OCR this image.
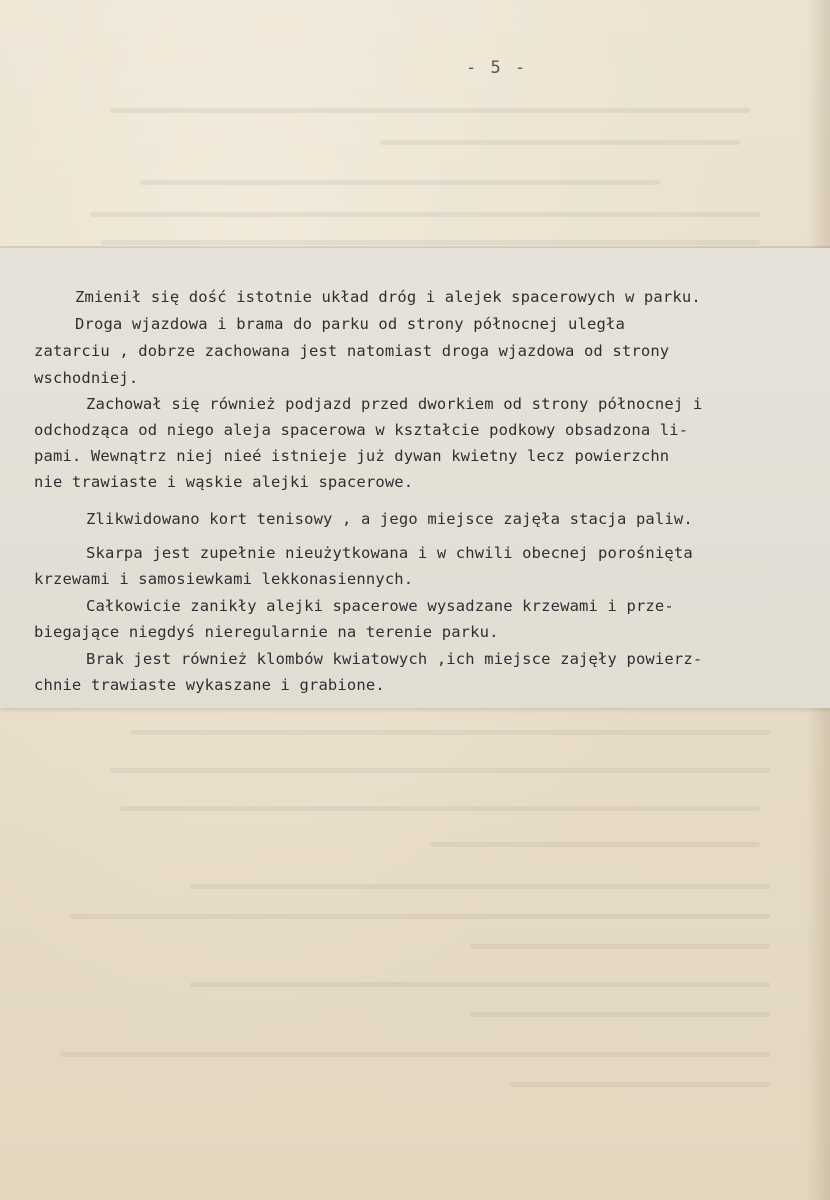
- 5 -
Zmienił się dość istotnie układ dróg i alejek spacerowych w parku.
Droga wjazdowa i brama do parku od strony północnej uległa
zatarciu , dobrze zachowana jest natomiast droga wjazdowa od strony
wschodniej.
Zachował się również podjazd przed dworkiem od strony północnej i
odchodząca od niego aleja spacerowa w kształcie podkowy obsadzona li-
pami. Wewnątrz niej nieé istnieje już dywan kwietny lecz powierzchn
nie trawiaste i wąskie alejki spacerowe.
Zlikwidowano kort tenisowy , a jego miejsce zajęła stacja paliw.
Skarpa jest zupełnie nieużytkowana i w chwili obecnej porośnięta
krzewami i samosiewkami lekkonasiennych.
Całkowicie zanikły alejki spacerowe wysadzane krzewami i prze-
biegające niegdyś nieregularnie na terenie parku.
Brak jest również klombów kwiatowych ,ich miejsce zajęły powierz-
chnie trawiaste wykaszane i grabione.
